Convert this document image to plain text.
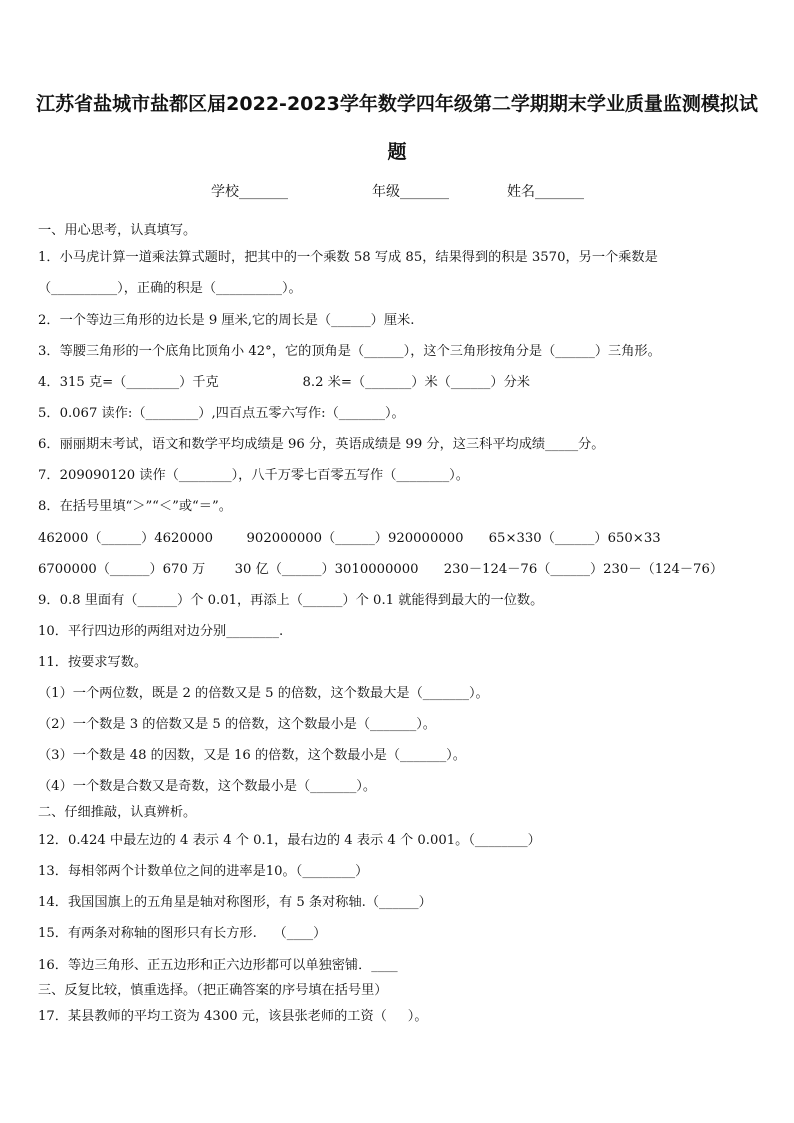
江苏省盐城市盐都区届2022-2023学年数学四年级第二学期期末学业质量监测模拟试
题
学校_______	年级_______	姓名_______
一、用心思考，认真填写。
1．小马虎计算一道乘法算式题时，把其中的一个乘数 58 写成 85，结果得到的积是 3570，另一个乘数是
（__________），正确的积是（__________）。
2．一个等边三角形的边长是 9 厘米,它的周长是（______）厘米.
3．等腰三角形的一个底角比顶角小 42°，它的顶角是（______），这个三角形按角分是（______）三角形。
4．315 克=（________）千克                    8.2 米=（_______）米（______）分米
5．0.067 读作:（________）,四百点五零六写作:（_______）。
6．丽丽期末考试，语文和数学平均成绩是 96 分，英语成绩是 99 分，这三科平均成绩_____分。
7．209090120 读作（________），八千万零七百零五写作（________）。
8．在括号里填“＞”“＜”或“＝”。
462000（______）4620000        902000000（______）920000000      65×330（______）650×33
6700000（______）670 万       30 亿（______）3010000000      230－124－76（______）230－（124－76）
9．0.8 里面有（______）个 0.01，再添上（______）个 0.1 就能得到最大的一位数。
10．平行四边形的两组对边分别________.
11．按要求写数。
（1）一个两位数，既是 2 的倍数又是 5 的倍数，这个数最大是（_______）。
（2）一个数是 3 的倍数又是 5 的倍数，这个数最小是（_______）。
（3）一个数是 48 的因数，又是 16 的倍数，这个数最小是（_______）。
（4）一个数是合数又是奇数，这个数最小是（_______）。
二、仔细推敲，认真辨析。
12．0.424 中最左边的 4 表示 4 个 0.1，最右边的 4 表示 4 个 0.001。（________）
13．每相邻两个计数单位之间的进率是10。（________）
14．我国国旗上的五角星是轴对称图形，有 5 条对称轴.（______）
15．有两条对称轴的图形只有长方形.    （____）
16．等边三角形、正五边形和正六边形都可以单独密铺．____
三、反复比较，慎重选择。（把正确答案的序号填在括号里）
17．某县教师的平均工资为 4300 元，该县张老师的工资（     ）。
